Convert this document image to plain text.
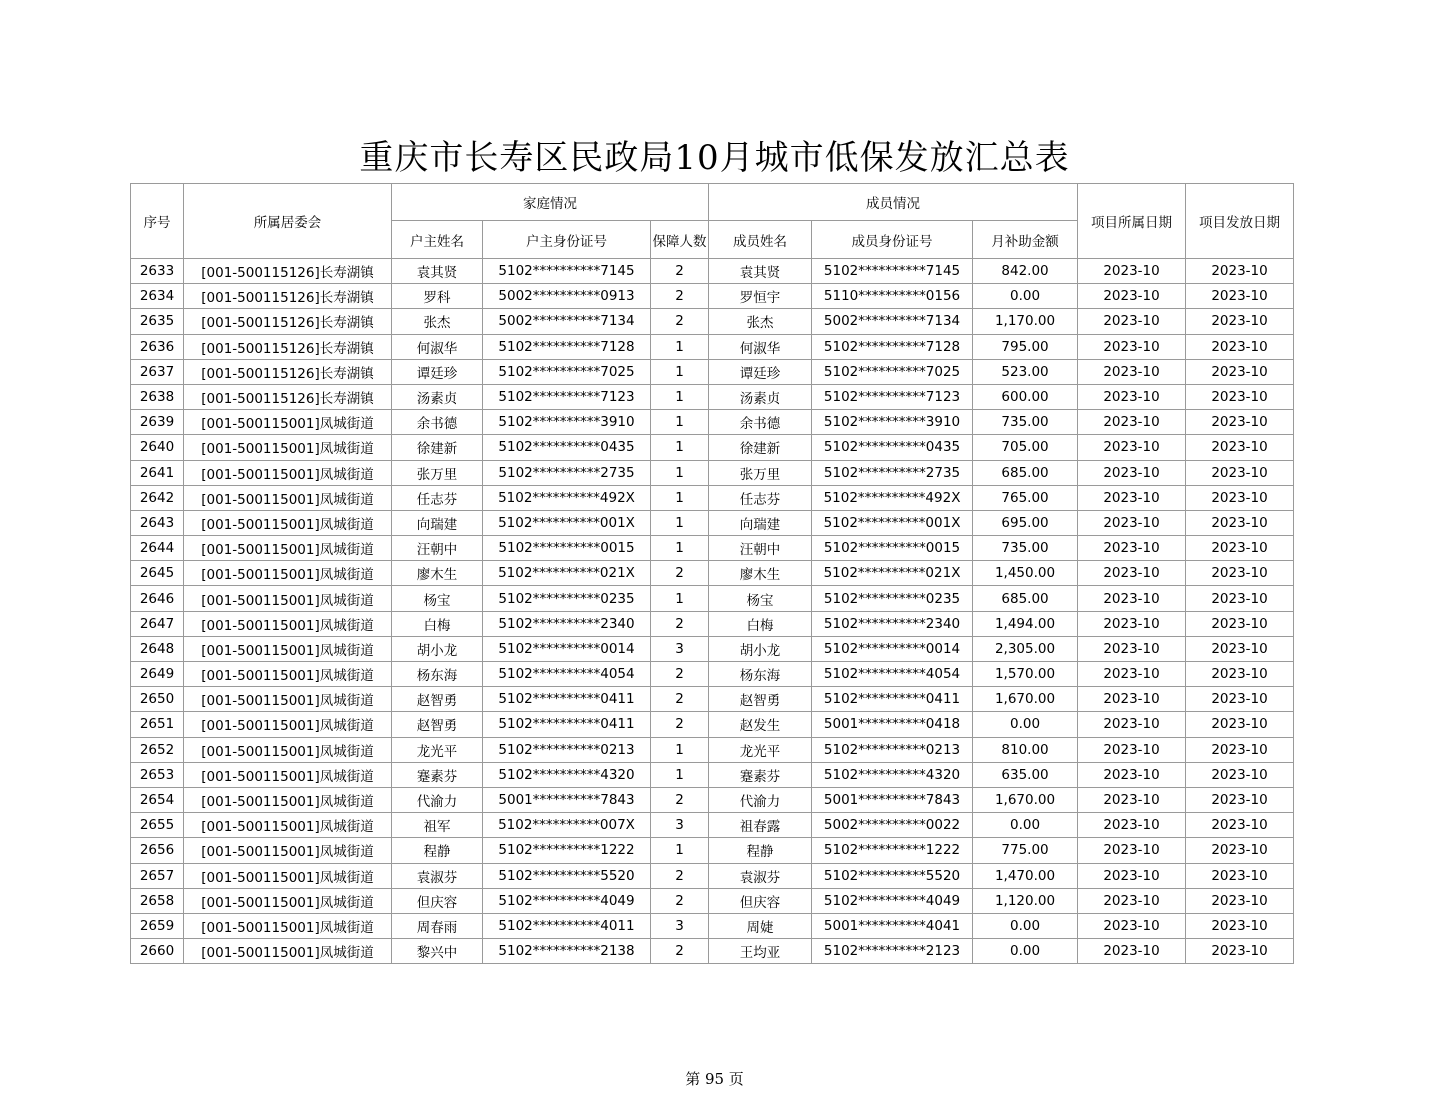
重庆市长寿区民政局10月城市低保发放汇总表
序号	所属居委会	家庭情况			成员情况			项目所属日期	项目发放日期
		户主姓名	户主身份证号	保障人数	成员姓名	成员身份证号	月补助金额		
2633	[001-500115126]长寿湖镇	袁其贤	5102**********7145	2	袁其贤	5102**********7145	842.00	2023-10	2023-10
2634	[001-500115126]长寿湖镇	罗科	5002**********0913	2	罗恒宇	5110**********0156	0.00	2023-10	2023-10
2635	[001-500115126]长寿湖镇	张杰	5002**********7134	2	张杰	5002**********7134	1,170.00	2023-10	2023-10
2636	[001-500115126]长寿湖镇	何淑华	5102**********7128	1	何淑华	5102**********7128	795.00	2023-10	2023-10
2637	[001-500115126]长寿湖镇	谭廷珍	5102**********7025	1	谭廷珍	5102**********7025	523.00	2023-10	2023-10
2638	[001-500115126]长寿湖镇	汤素贞	5102**********7123	1	汤素贞	5102**********7123	600.00	2023-10	2023-10
2639	[001-500115001]凤城街道	余书德	5102**********3910	1	余书德	5102**********3910	735.00	2023-10	2023-10
2640	[001-500115001]凤城街道	徐建新	5102**********0435	1	徐建新	5102**********0435	705.00	2023-10	2023-10
2641	[001-500115001]凤城街道	张万里	5102**********2735	1	张万里	5102**********2735	685.00	2023-10	2023-10
2642	[001-500115001]凤城街道	任志芬	5102**********492X	1	任志芬	5102**********492X	765.00	2023-10	2023-10
2643	[001-500115001]凤城街道	向瑞建	5102**********001X	1	向瑞建	5102**********001X	695.00	2023-10	2023-10
2644	[001-500115001]凤城街道	汪朝中	5102**********0015	1	汪朝中	5102**********0015	735.00	2023-10	2023-10
2645	[001-500115001]凤城街道	廖木生	5102**********021X	2	廖木生	5102**********021X	1,450.00	2023-10	2023-10
2646	[001-500115001]凤城街道	杨宝	5102**********0235	1	杨宝	5102**********0235	685.00	2023-10	2023-10
2647	[001-500115001]凤城街道	白梅	5102**********2340	2	白梅	5102**********2340	1,494.00	2023-10	2023-10
2648	[001-500115001]凤城街道	胡小龙	5102**********0014	3	胡小龙	5102**********0014	2,305.00	2023-10	2023-10
2649	[001-500115001]凤城街道	杨东海	5102**********4054	2	杨东海	5102**********4054	1,570.00	2023-10	2023-10
2650	[001-500115001]凤城街道	赵智勇	5102**********0411	2	赵智勇	5102**********0411	1,670.00	2023-10	2023-10
2651	[001-500115001]凤城街道	赵智勇	5102**********0411	2	赵发生	5001**********0418	0.00	2023-10	2023-10
2652	[001-500115001]凤城街道	龙光平	5102**********0213	1	龙光平	5102**********0213	810.00	2023-10	2023-10
2653	[001-500115001]凤城街道	蹇素芬	5102**********4320	1	蹇素芬	5102**********4320	635.00	2023-10	2023-10
2654	[001-500115001]凤城街道	代渝力	5001**********7843	2	代渝力	5001**********7843	1,670.00	2023-10	2023-10
2655	[001-500115001]凤城街道	祖军	5102**********007X	3	祖春露	5002**********0022	0.00	2023-10	2023-10
2656	[001-500115001]凤城街道	程静	5102**********1222	1	程静	5102**********1222	775.00	2023-10	2023-10
2657	[001-500115001]凤城街道	袁淑芬	5102**********5520	2	袁淑芬	5102**********5520	1,470.00	2023-10	2023-10
2658	[001-500115001]凤城街道	但庆容	5102**********4049	2	但庆容	5102**********4049	1,120.00	2023-10	2023-10
2659	[001-500115001]凤城街道	周春雨	5102**********4011	3	周婕	5001**********4041	0.00	2023-10	2023-10
2660	[001-500115001]凤城街道	黎兴中	5102**********2138	2	王均亚	5102**********2123	0.00	2023-10	2023-10
第 95 页
